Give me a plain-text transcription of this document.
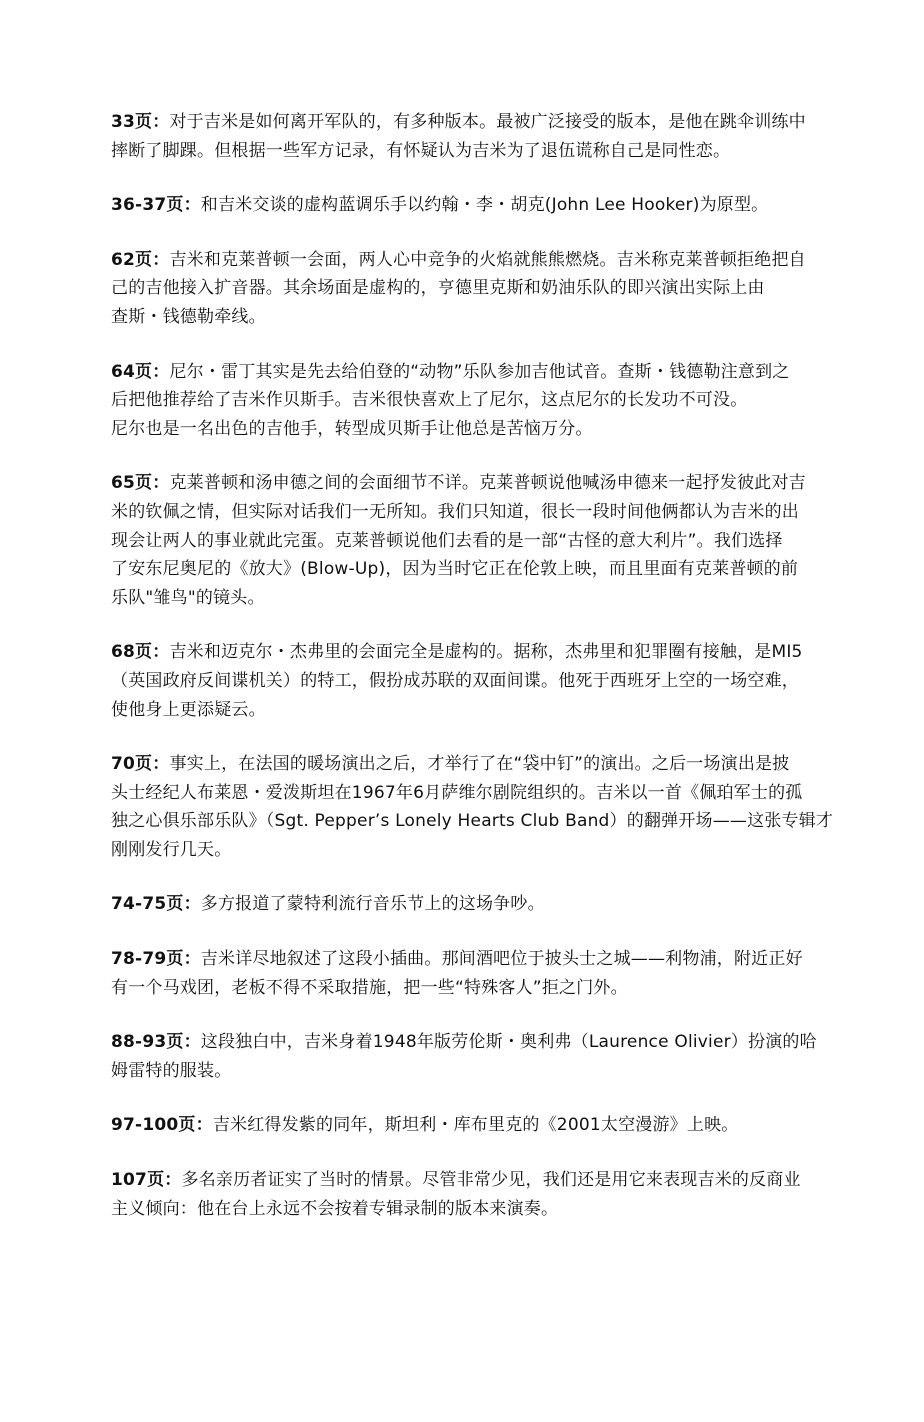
33页：对于吉米是如何离开军队的，有多种版本。最被广泛接受的版本，是他在跳伞训练中
摔断了脚踝。但根据一些军方记录，有怀疑认为吉米为了退伍谎称自己是同性恋。
36-37页：和吉米交谈的虚构蓝调乐手以约翰・李・胡克(John Lee Hooker)为原型。
62页：吉米和克莱普顿一会面，两人心中竞争的火焰就熊熊燃烧。吉米称克莱普顿拒绝把自
己的吉他接入扩音器。其余场面是虚构的，亨德里克斯和奶油乐队的即兴演出实际上由
查斯・钱德勒牵线。
64页：尼尔・雷丁其实是先去给伯登的“动物”乐队参加吉他试音。查斯・钱德勒注意到之
后把他推荐给了吉米作贝斯手。吉米很快喜欢上了尼尔，这点尼尔的长发功不可没。
尼尔也是一名出色的吉他手，转型成贝斯手让他总是苦恼万分。
65页：克莱普顿和汤申德之间的会面细节不详。克莱普顿说他喊汤申德来一起抒发彼此对吉
米的钦佩之情，但实际对话我们一无所知。我们只知道，很长一段时间他俩都认为吉米的出
现会让两人的事业就此完蛋。克莱普顿说他们去看的是一部“古怪的意大利片”。我们选择
了安东尼奥尼的《放大》(Blow-Up)，因为当时它正在伦敦上映，而且里面有克莱普顿的前
乐队"雏鸟"的镜头。
68页：吉米和迈克尔・杰弗里的会面完全是虚构的。据称，杰弗里和犯罪圈有接触，是MI5
（英国政府反间谍机关）的特工，假扮成苏联的双面间谍。他死于西班牙上空的一场空难，
使他身上更添疑云。
70页：事实上，在法国的暖场演出之后，才举行了在“袋中钉”的演出。之后一场演出是披
头士经纪人布莱恩・爱泼斯坦在1967年6月萨维尔剧院组织的。吉米以一首《佩珀军士的孤
独之心俱乐部乐队》（Sgt. Pepper’s Lonely Hearts Club Band）的翻弹开场——这张专辑才
刚刚发行几天。
74-75页：多方报道了蒙特利流行音乐节上的这场争吵。
78-79页：吉米详尽地叙述了这段小插曲。那间酒吧位于披头士之城——利物浦，附近正好
有一个马戏团，老板不得不采取措施，把一些“特殊客人”拒之门外。
88-93页：这段独白中，吉米身着1948年版劳伦斯・奥利弗（Laurence Olivier）扮演的哈
姆雷特的服装。
97-100页：吉米红得发紫的同年，斯坦利・库布里克的《2001太空漫游》上映。
107页：多名亲历者证实了当时的情景。尽管非常少见，我们还是用它来表现吉米的反商业
主义倾向：他在台上永远不会按着专辑录制的版本来演奏。
